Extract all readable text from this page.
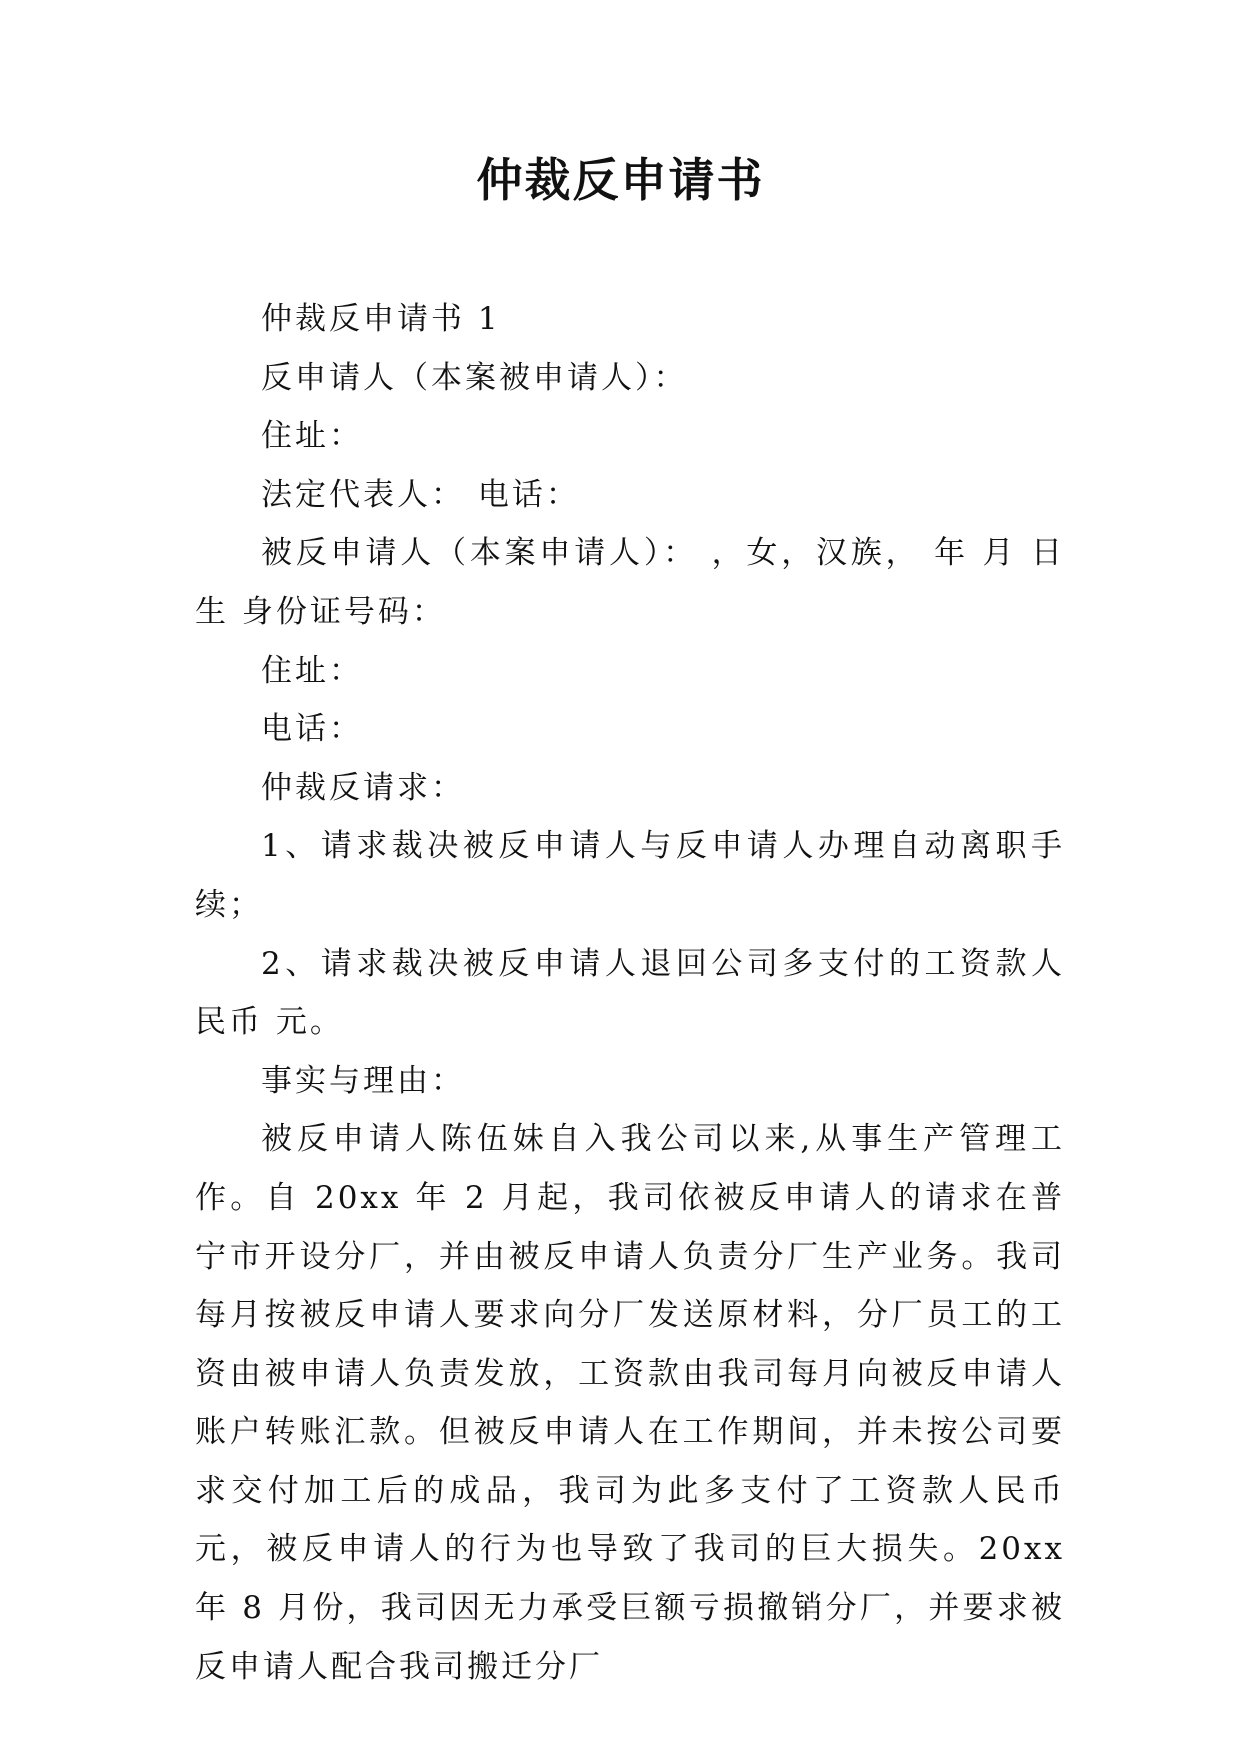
仲裁反申请书

仲裁反申请书 1

反申请人（本案被申请人）：

住址：

法定代表人： 电话：

被反申请人（本案申请人）： ，女，汉族， 年 月 日生 身份证号码：

住址：

电话：

仲裁反请求：

1、请求裁决被反申请人与反申请人办理自动离职手续；

2、请求裁决被反申请人退回公司多支付的工资款人民币 元。

事实与理由：

被反申请人陈伍妹自入我公司以来,从事生产管理工作。自 20xx 年 2 月起，我司依被反申请人的请求在普宁市开设分厂，并由被反申请人负责分厂生产业务。我司每月按被反申请人要求向分厂发送原材料，分厂员工的工资由被申请人负责发放，工资款由我司每月向被反申请人账户转账汇款。但被反申请人在工作期间，并未按公司要求交付加工后的成品，我司为此多支付了工资款人民币 元，被反申请人的行为也导致了我司的巨大损失。20xx 年 8 月份，我司因无力承受巨额亏损撤销分厂，并要求被反申请人配合我司搬迁分厂
